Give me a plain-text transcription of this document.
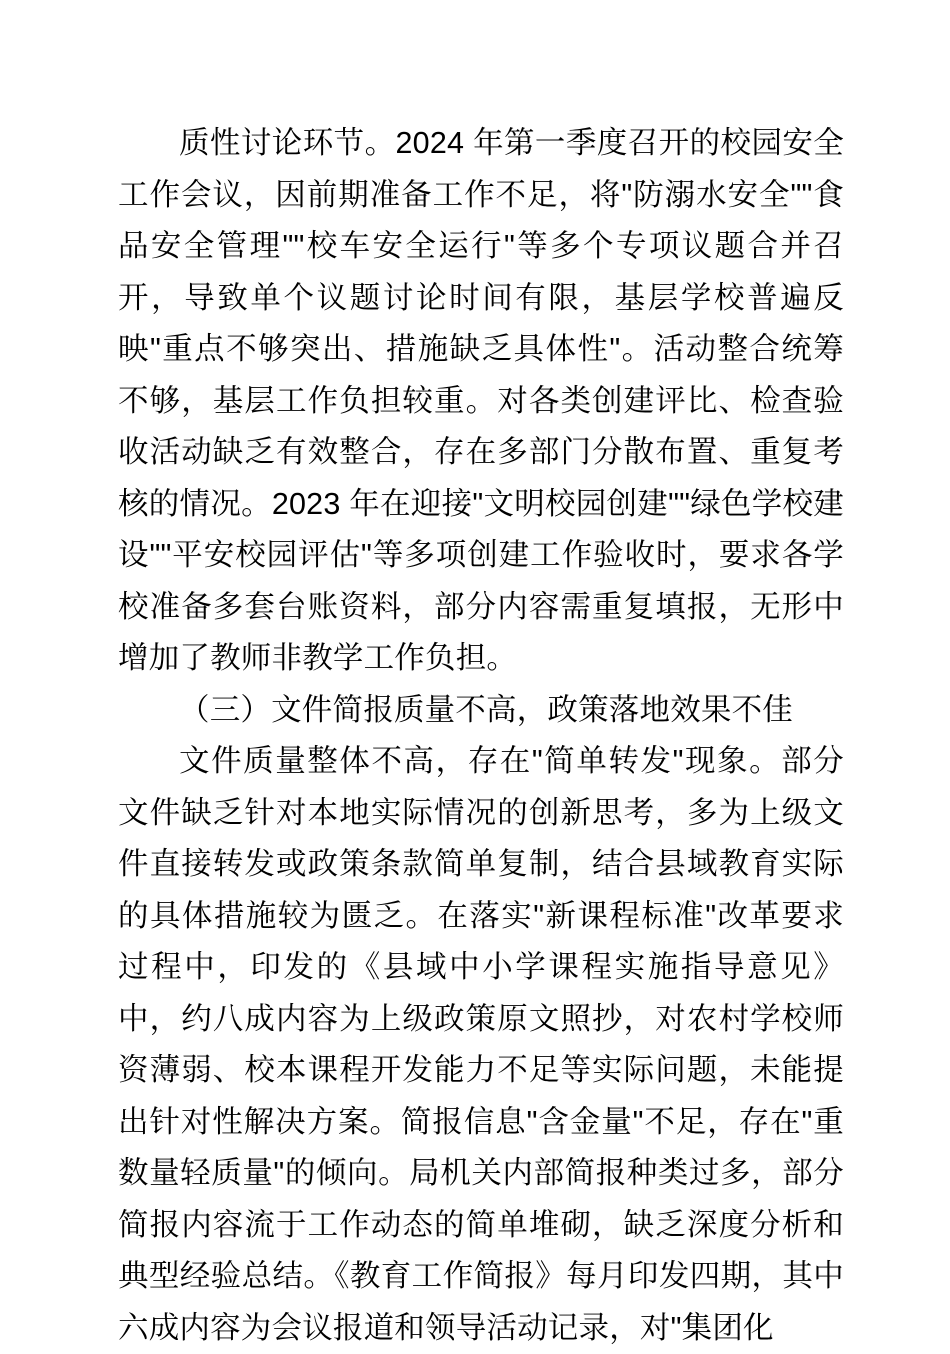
质性讨论环节。2024 年第一季度召开的校园安全工作会议，因前期准备工作不足，将"防溺水安全""食品安全管理""校车安全运行"等多个专项议题合并召开，导致单个议题讨论时间有限，基层学校普遍反映"重点不够突出、措施缺乏具体性"。活动整合统筹不够，基层工作负担较重。对各类创建评比、检查验收活动缺乏有效整合，存在多部门分散布置、重复考核的情况。2023 年在迎接"文明校园创建""绿色学校建设""平安校园评估"等多项创建工作验收时，要求各学校准备多套台账资料，部分内容需重复填报，无形中增加了教师非教学工作负担。

（三）文件简报质量不高，政策落地效果不佳

文件质量整体不高，存在"简单转发"现象。部分文件缺乏针对本地实际情况的创新思考，多为上级文件直接转发或政策条款简单复制，结合县域教育实际的具体措施较为匮乏。在落实"新课程标准"改革要求过程中，印发的《县域中小学课程实施指导意见》中，约八成内容为上级政策原文照抄，对农村学校师资薄弱、校本课程开发能力不足等实际问题，未能提出针对性解决方案。简报信息"含金量"不足，存在"重数量轻质量"的倾向。局机关内部简报种类过多，部分简报内容流于工作动态的简单堆砌，缺乏深度分析和典型经验总结。《教育工作简报》每月印发四期，其中六成内容为会议报道和领导活动记录，对"集团化
